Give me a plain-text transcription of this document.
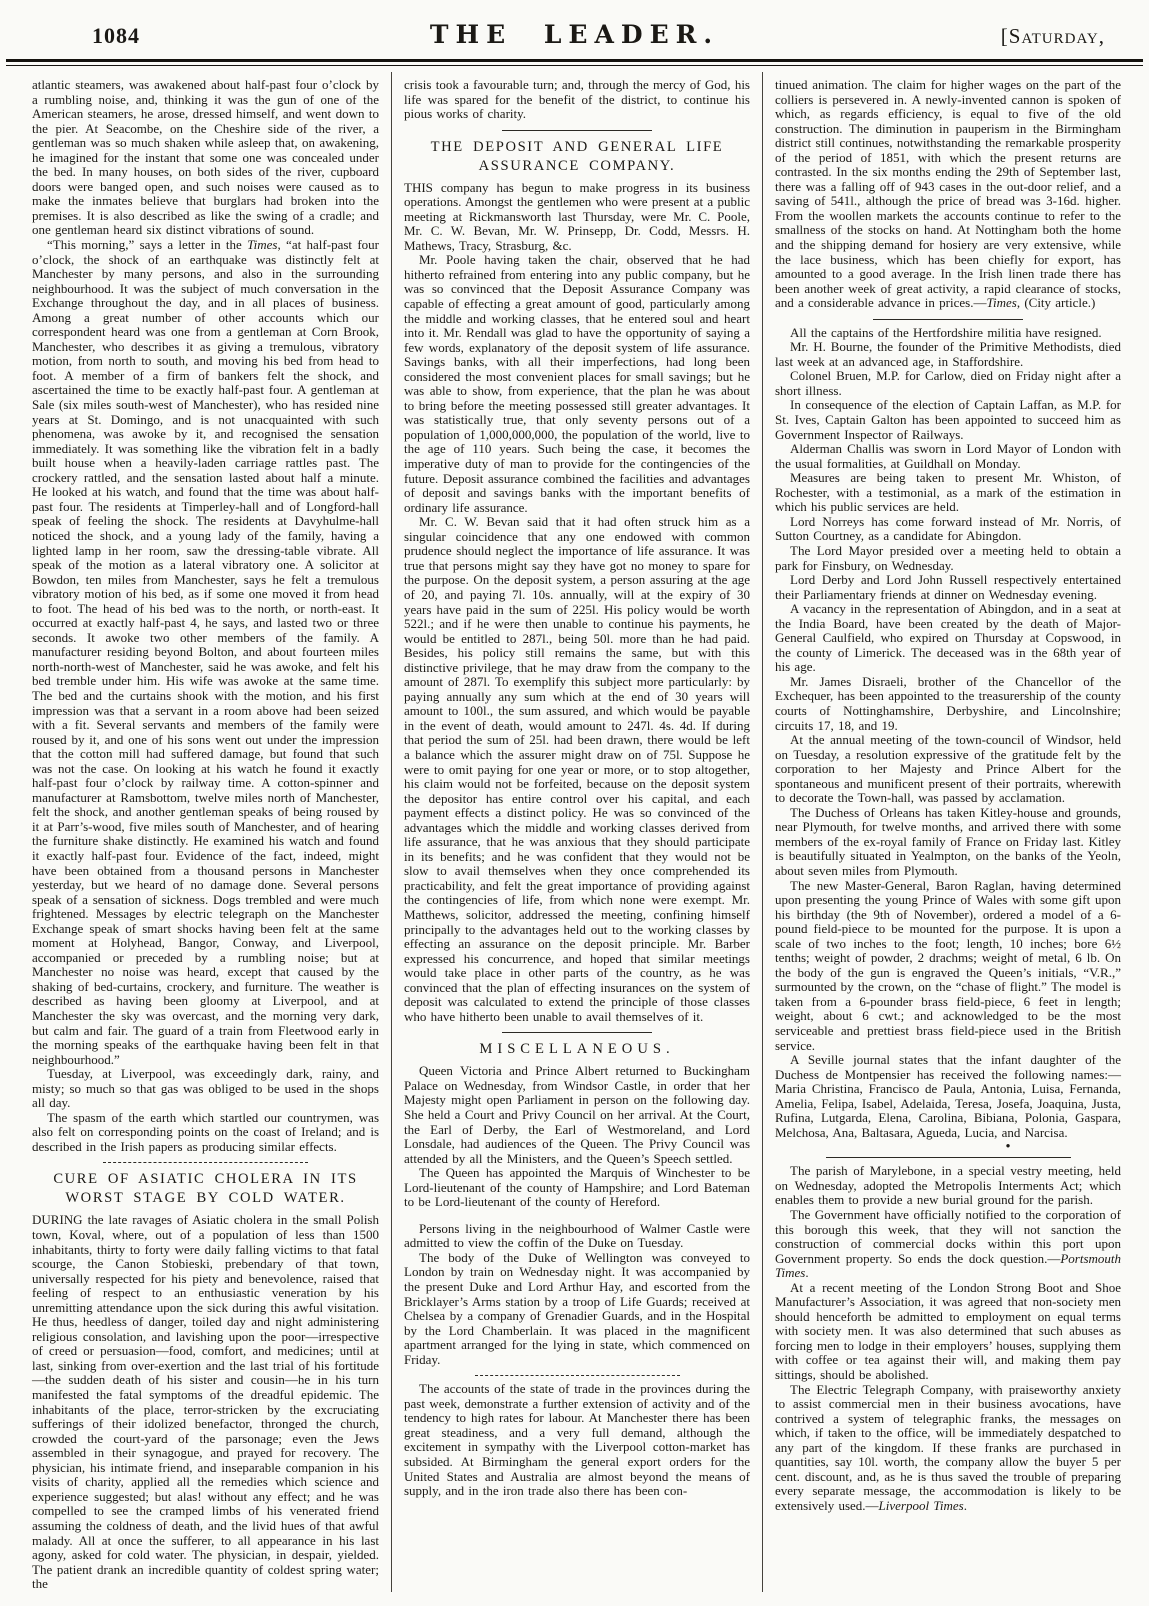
1084	THE LEADER.	[Saturday,

atlantic steamers, was awakened about half-past four o’clock by a rumbling noise, and, thinking it was the gun of one of the American steamers, he arose, dressed himself, and went down to the pier. At Seacombe, on the Cheshire side of the river, a gentleman was so much shaken while asleep that, on awakening, he imagined for the instant that some one was concealed under the bed. In many houses, on both sides of the river, cupboard doors were banged open, and such noises were caused as to make the inmates believe that burglars had broken into the premises. It is also described as like the swing of a cradle; and one gentleman heard six distinct vibrations of sound.

“This morning,” says a letter in the Times, “at half-past four o’clock, the shock of an earthquake was distinctly felt at Manchester by many persons, and also in the surrounding neighbourhood. It was the subject of much conversation in the Exchange throughout the day, and in all places of business. Among a great number of other accounts which our correspondent heard was one from a gentleman at Corn Brook, Manchester, who describes it as giving a tremulous, vibratory motion, from north to south, and moving his bed from head to foot. A member of a firm of bankers felt the shock, and ascertained the time to be exactly half-past four. A gentleman at Sale (six miles south-west of Manchester), who has resided nine years at St. Domingo, and is not unacquainted with such phenomena, was awoke by it, and recognised the sensation immediately. It was something like the vibration felt in a badly built house when a heavily-laden carriage rattles past. The crockery rattled, and the sensation lasted about half a minute. He looked at his watch, and found that the time was about half-past four. The residents at Timperley-hall and of Longford-hall speak of feeling the shock. The residents at Davyhulme-hall noticed the shock, and a young lady of the family, having a lighted lamp in her room, saw the dressing-table vibrate. All speak of the motion as a lateral vibratory one. A solicitor at Bowdon, ten miles from Manchester, says he felt a tremulous vibratory motion of his bed, as if some one moved it from head to foot. The head of his bed was to the north, or north-east. It occurred at exactly half-past 4, he says, and lasted two or three seconds. It awoke two other members of the family. A manufacturer residing beyond Bolton, and about fourteen miles north-north-west of Manchester, said he was awoke, and felt his bed tremble under him. His wife was awoke at the same time. The bed and the curtains shook with the motion, and his first impression was that a servant in a room above had been seized with a fit. Several servants and members of the family were roused by it, and one of his sons went out under the impression that the cotton mill had suffered damage, but found that such was not the case. On looking at his watch he found it exactly half-past four o’clock by railway time. A cotton-spinner and manufacturer at Ramsbottom, twelve miles north of Manchester, felt the shock, and another gentleman speaks of being roused by it at Parr’s-wood, five miles south of Manchester, and of hearing the furniture shake distinctly. He examined his watch and found it exactly half-past four. Evidence of the fact, indeed, might have been obtained from a thousand persons in Manchester yesterday, but we heard of no damage done. Several persons speak of a sensation of sickness. Dogs trembled and were much frightened. Messages by electric telegraph on the Manchester Exchange speak of smart shocks having been felt at the same moment at Holyhead, Bangor, Conway, and Liverpool, accompanied or preceded by a rumbling noise; but at Manchester no noise was heard, except that caused by the shaking of bed-curtains, crockery, and furniture. The weather is described as having been gloomy at Liverpool, and at Manchester the sky was overcast, and the morning very dark, but calm and fair. The guard of a train from Fleetwood early in the morning speaks of the earthquake having been felt in that neighbourhood.”

Tuesday, at Liverpool, was exceedingly dark, rainy, and misty; so much so that gas was obliged to be used in the shops all day.

The spasm of the earth which startled our countrymen, was also felt on corresponding points on the coast of Ireland; and is described in the Irish papers as producing similar effects.

CURE OF ASIATIC CHOLERA IN ITS WORST STAGE BY COLD WATER.

DURING the late ravages of Asiatic cholera in the small Polish town, Koval, where, out of a population of less than 1500 inhabitants, thirty to forty were daily falling victims to that fatal scourge, the Canon Stobieski, prebendary of that town, universally respected for his piety and benevolence, raised that feeling of respect to an enthusiastic veneration by his unremitting attendance upon the sick during this awful visitation. He thus, heedless of danger, toiled day and night administering religious consolation, and lavishing upon the poor—irrespective of creed or persuasion—food, comfort, and medicines; until at last, sinking from over-exertion and the last trial of his fortitude—the sudden death of his sister and cousin—he in his turn manifested the fatal symptoms of the dreadful epidemic. The inhabitants of the place, terror-stricken by the excruciating sufferings of their idolized benefactor, thronged the church, crowded the court-yard of the parsonage; even the Jews assembled in their synagogue, and prayed for recovery. The physician, his intimate friend, and inseparable companion in his visits of charity, applied all the remedies which science and experience suggested; but alas! without any effect; and he was compelled to see the cramped limbs of his venerated friend assuming the coldness of death, and the livid hues of that awful malady. All at once the sufferer, to all appearance in his last agony, asked for cold water. The physician, in despair, yielded. The patient drank an incredible quantity of coldest spring water; the

crisis took a favourable turn; and, through the mercy of God, his life was spared for the benefit of the district, to continue his pious works of charity.

THE DEPOSIT AND GENERAL LIFE ASSURANCE COMPANY.

THIS company has begun to make progress in its business operations. Amongst the gentlemen who were present at a public meeting at Rickmansworth last Thursday, were Mr. C. Poole, Mr. C. W. Bevan, Mr. W. Prinsepp, Dr. Codd, Messrs. H. Mathews, Tracy, Strasburg, &c.

Mr. Poole having taken the chair, observed that he had hitherto refrained from entering into any public company, but he was so convinced that the Deposit Assurance Company was capable of effecting a great amount of good, particularly among the middle and working classes, that he entered soul and heart into it. Mr. Rendall was glad to have the opportunity of saying a few words, explanatory of the deposit system of life assurance. Savings banks, with all their imperfections, had long been considered the most convenient places for small savings; but he was able to show, from experience, that the plan he was about to bring before the meeting possessed still greater advantages. It was statistically true, that only seventy persons out of a population of 1,000,000,000, the population of the world, live to the age of 110 years. Such being the case, it becomes the imperative duty of man to provide for the contingencies of the future. Deposit assurance combined the facilities and advantages of deposit and savings banks with the important benefits of ordinary life assurance.

Mr. C. W. Bevan said that it had often struck him as a singular coincidence that any one endowed with common prudence should neglect the importance of life assurance. It was true that persons might say they have got no money to spare for the purpose. On the deposit system, a person assuring at the age of 20, and paying 7l. 10s. annually, will at the expiry of 30 years have paid in the sum of 225l. His policy would be worth 522l.; and if he were then unable to continue his payments, he would be entitled to 287l., being 50l. more than he had paid. Besides, his policy still remains the same, but with this distinctive privilege, that he may draw from the company to the amount of 287l. To exemplify this subject more particularly: by paying annually any sum which at the end of 30 years will amount to 100l., the sum assured, and which would be payable in the event of death, would amount to 247l. 4s. 4d. If during that period the sum of 25l. had been drawn, there would be left a balance which the assurer might draw on of 75l. Suppose he were to omit paying for one year or more, or to stop altogether, his claim would not be forfeited, because on the deposit system the depositor has entire control over his capital, and each payment effects a distinct policy. He was so convinced of the advantages which the middle and working classes derived from life assurance, that he was anxious that they should participate in its benefits; and he was confident that they would not be slow to avail themselves when they once comprehended its practicability, and felt the great importance of providing against the contingencies of life, from which none were exempt. Mr. Matthews, solicitor, addressed the meeting, confining himself principally to the advantages held out to the working classes by effecting an assurance on the deposit principle. Mr. Barber expressed his concurrence, and hoped that similar meetings would take place in other parts of the country, as he was convinced that the plan of effecting insurances on the system of deposit was calculated to extend the principle of those classes who have hitherto been unable to avail themselves of it.

MISCELLANEOUS.

Queen Victoria and Prince Albert returned to Buckingham Palace on Wednesday, from Windsor Castle, in order that her Majesty might open Parliament in person on the following day. She held a Court and Privy Council on her arrival. At the Court, the Earl of Derby, the Earl of Westmoreland, and Lord Lonsdale, had audiences of the Queen. The Privy Council was attended by all the Ministers, and the Queen’s Speech settled.

The Queen has appointed the Marquis of Winchester to be Lord-lieutenant of the county of Hampshire; and Lord Bateman to be Lord-lieutenant of the county of Hereford.

Persons living in the neighbourhood of Walmer Castle were admitted to view the coffin of the Duke on Tuesday.

The body of the Duke of Wellington was conveyed to London by train on Wednesday night. It was accompanied by the present Duke and Lord Arthur Hay, and escorted from the Bricklayer’s Arms station by a troop of Life Guards; received at Chelsea by a company of Grenadier Guards, and in the Hospital by the Lord Chamberlain. It was placed in the magnificent apartment arranged for the lying in state, which commenced on Friday.

The accounts of the state of trade in the provinces during the past week, demonstrate a further extension of activity and of the tendency to high rates for labour. At Manchester there has been great steadiness, and a very full demand, although the excitement in sympathy with the Liverpool cotton-market has subsided. At Birmingham the general export orders for the United States and Australia are almost beyond the means of supply, and in the iron trade also there has been con-

tinued animation. The claim for higher wages on the part of the colliers is persevered in. A newly-invented cannon is spoken of which, as regards efficiency, is equal to five of the old construction. The diminution in pauperism in the Birmingham district still continues, notwithstanding the remarkable prosperity of the period of 1851, with which the present returns are contrasted. In the six months ending the 29th of September last, there was a falling off of 943 cases in the out-door relief, and a saving of 541l., although the price of bread was 3-16d. higher. From the woollen markets the accounts continue to refer to the smallness of the stocks on hand. At Nottingham both the home and the shipping demand for hosiery are very extensive, while the lace business, which has been chiefly for export, has amounted to a good average. In the Irish linen trade there has been another week of great activity, a rapid clearance of stocks, and a considerable advance in prices.—Times, (City article.)

All the captains of the Hertfordshire militia have resigned.

Mr. H. Bourne, the founder of the Primitive Methodists, died last week at an advanced age, in Staffordshire.

Colonel Bruen, M.P. for Carlow, died on Friday night after a short illness.

In consequence of the election of Captain Laffan, as M.P. for St. Ives, Captain Galton has been appointed to succeed him as Government Inspector of Railways.

Alderman Challis was sworn in Lord Mayor of London with the usual formalities, at Guildhall on Monday.

Measures are being taken to present Mr. Whiston, of Rochester, with a testimonial, as a mark of the estimation in which his public services are held.

Lord Norreys has come forward instead of Mr. Norris, of Sutton Courtney, as a candidate for Abingdon.

The Lord Mayor presided over a meeting held to obtain a park for Finsbury, on Wednesday.

Lord Derby and Lord John Russell respectively entertained their Parliamentary friends at dinner on Wednesday evening.

A vacancy in the representation of Abingdon, and in a seat at the India Board, have been created by the death of Major-General Caulfield, who expired on Thursday at Copswood, in the county of Limerick. The deceased was in the 68th year of his age.

Mr. James Disraeli, brother of the Chancellor of the Exchequer, has been appointed to the treasurership of the county courts of Nottinghamshire, Derbyshire, and Lincolnshire; circuits 17, 18, and 19.

At the annual meeting of the town-council of Windsor, held on Tuesday, a resolution expressive of the gratitude felt by the corporation to her Majesty and Prince Albert for the spontaneous and munificent present of their portraits, wherewith to decorate the Town-hall, was passed by acclamation.

The Duchess of Orleans has taken Kitley-house and grounds, near Plymouth, for twelve months, and arrived there with some members of the ex-royal family of France on Friday last. Kitley is beautifully situated in Yealmpton, on the banks of the Yeoln, about seven miles from Plymouth.

The new Master-General, Baron Raglan, having determined upon presenting the young Prince of Wales with some gift upon his birthday (the 9th of November), ordered a model of a 6-pound field-piece to be mounted for the purpose. It is upon a scale of two inches to the foot; length, 10 inches; bore 6½ tenths; weight of powder, 2 drachms; weight of metal, 6 lb. On the body of the gun is engraved the Queen’s initials, “V.R.,” surmounted by the crown, on the “chase of flight.” The model is taken from a 6-pounder brass field-piece, 6 feet in length; weight, about 6 cwt.; and acknowledged to be the most serviceable and prettiest brass field-piece used in the British service.

A Seville journal states that the infant daughter of the Duchess de Montpensier has received the following names:—Maria Christina, Francisco de Paula, Antonia, Luisa, Fernanda, Amelia, Felipa, Isabel, Adelaida, Teresa, Josefa, Joaquina, Justa, Rufina, Lutgarda, Elena, Carolina, Bibiana, Polonia, Gaspara, Melchosa, Ana, Baltasara, Agueda, Lucia, and Narcisa.

●

The parish of Marylebone, in a special vestry meeting, held on Wednesday, adopted the Metropolis Interments Act; which enables them to provide a new burial ground for the parish.

The Government have officially notified to the corporation of this borough this week, that they will not sanction the construction of commercial docks within this port upon Government property. So ends the dock question.—Portsmouth Times.

At a recent meeting of the London Strong Boot and Shoe Manufacturer’s Association, it was agreed that non-society men should henceforth be admitted to employment on equal terms with society men. It was also determined that such abuses as forcing men to lodge in their employers’ houses, supplying them with coffee or tea against their will, and making them pay sittings, should be abolished.

The Electric Telegraph Company, with praiseworthy anxiety to assist commercial men in their business avocations, have contrived a system of telegraphic franks, the messages on which, if taken to the office, will be immediately despatched to any part of the kingdom. If these franks are purchased in quantities, say 10l. worth, the company allow the buyer 5 per cent. discount, and, as he is thus saved the trouble of preparing every separate message, the accommodation is likely to be extensively used.—Liverpool Times.
